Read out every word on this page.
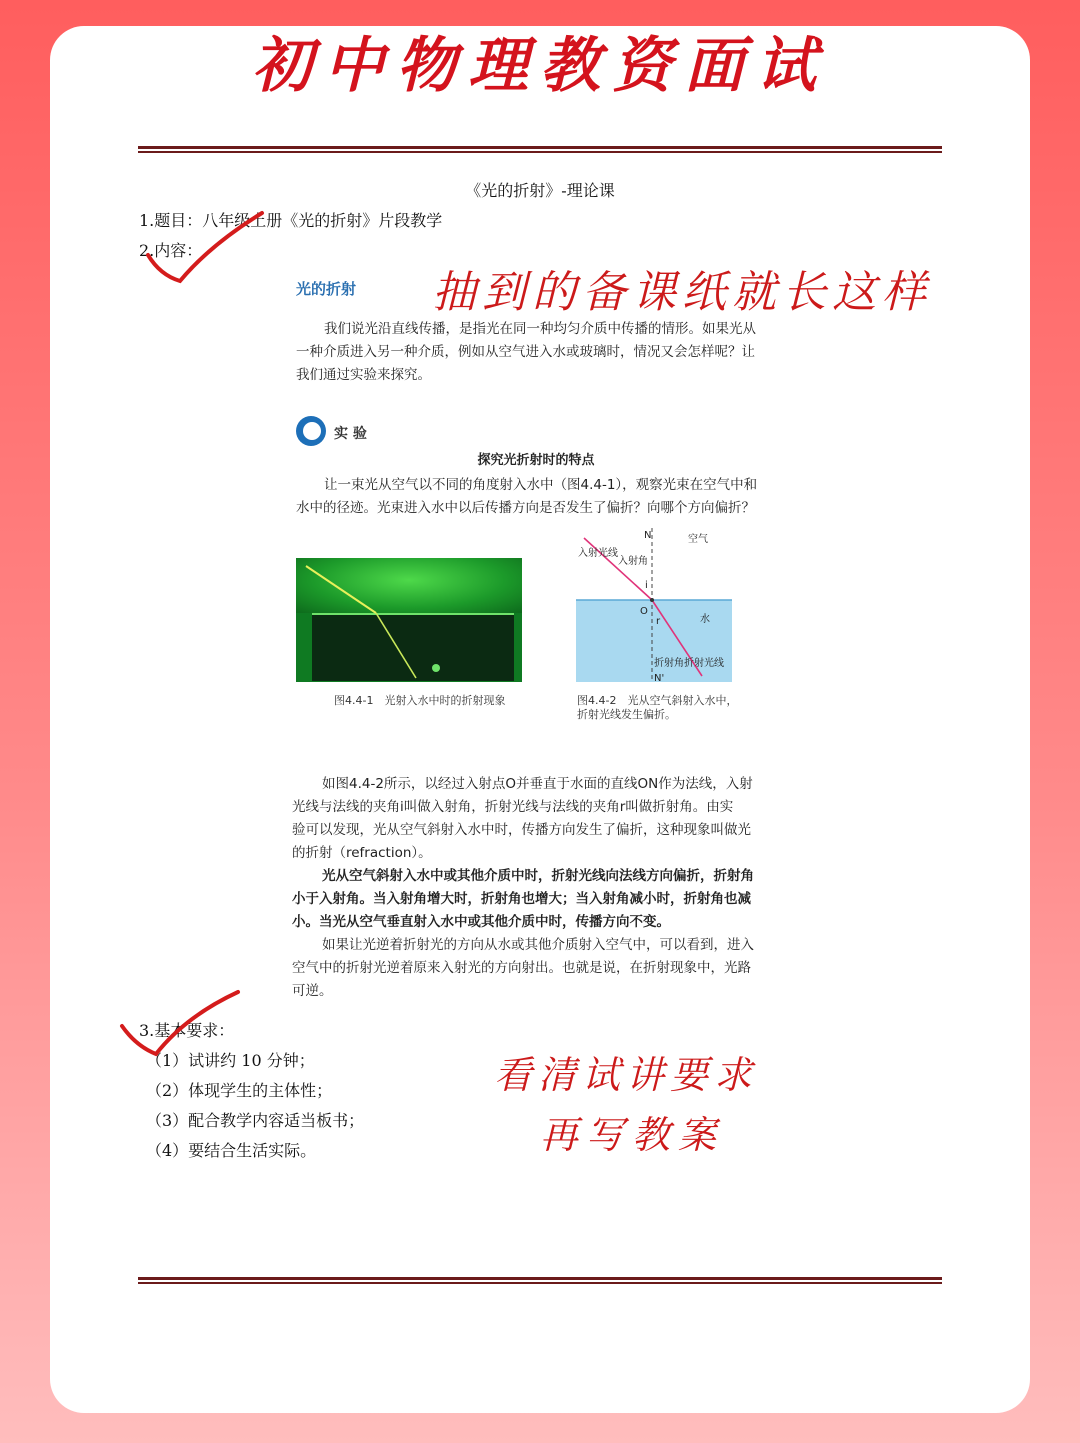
初中物理教资面试
《光的折射》-理论课
1.题目：八年级上册《光的折射》片段教学
2.内容：
抽到的备课纸就长这样
光的折射
我们说光沿直线传播，是指光在同一种均匀介质中传播的情形。如果光从
一种介质进入另一种介质，例如从空气进入水或玻璃时，情况又会怎样呢？让
我们通过实验来探究。
实 验
探究光折射时的特点
让一束光从空气以不同的角度射入水中（图4.4-1），观察光束在空气中和
水中的径迹。光束进入水中以后传播方向是否发生了偏折？向哪个方向偏折？
图4.4-1　光射入水中时的折射现象
N
N'
空气
水
入射光线
入射角
折射光线
折射角
O
i
r
图4.4-2　光从空气斜射入水中，
折射光线发生偏折。
如图4.4-2所示，以经过入射点O并垂直于水面的直线ON作为法线，入射
光线与法线的夹角i叫做入射角，折射光线与法线的夹角r叫做折射角。由实
验可以发现，光从空气斜射入水中时，传播方向发生了偏折，这种现象叫做光
的折射（refraction）。
光从空气斜射入水中或其他介质中时，折射光线向法线方向偏折，折射角
小于入射角。当入射角增大时，折射角也增大；当入射角减小时，折射角也减
小。当光从空气垂直射入水中或其他介质中时，传播方向不变。
如果让光逆着折射光的方向从水或其他介质射入空气中，可以看到，进入
空气中的折射光逆着原来入射光的方向射出。也就是说，在折射现象中，光路
可逆。
3.基本要求：
（1）试讲约 10 分钟；
（2）体现学生的主体性；
（3）配合教学内容适当板书；
（4）要结合生活实际。
看清试讲要求
再写教案
